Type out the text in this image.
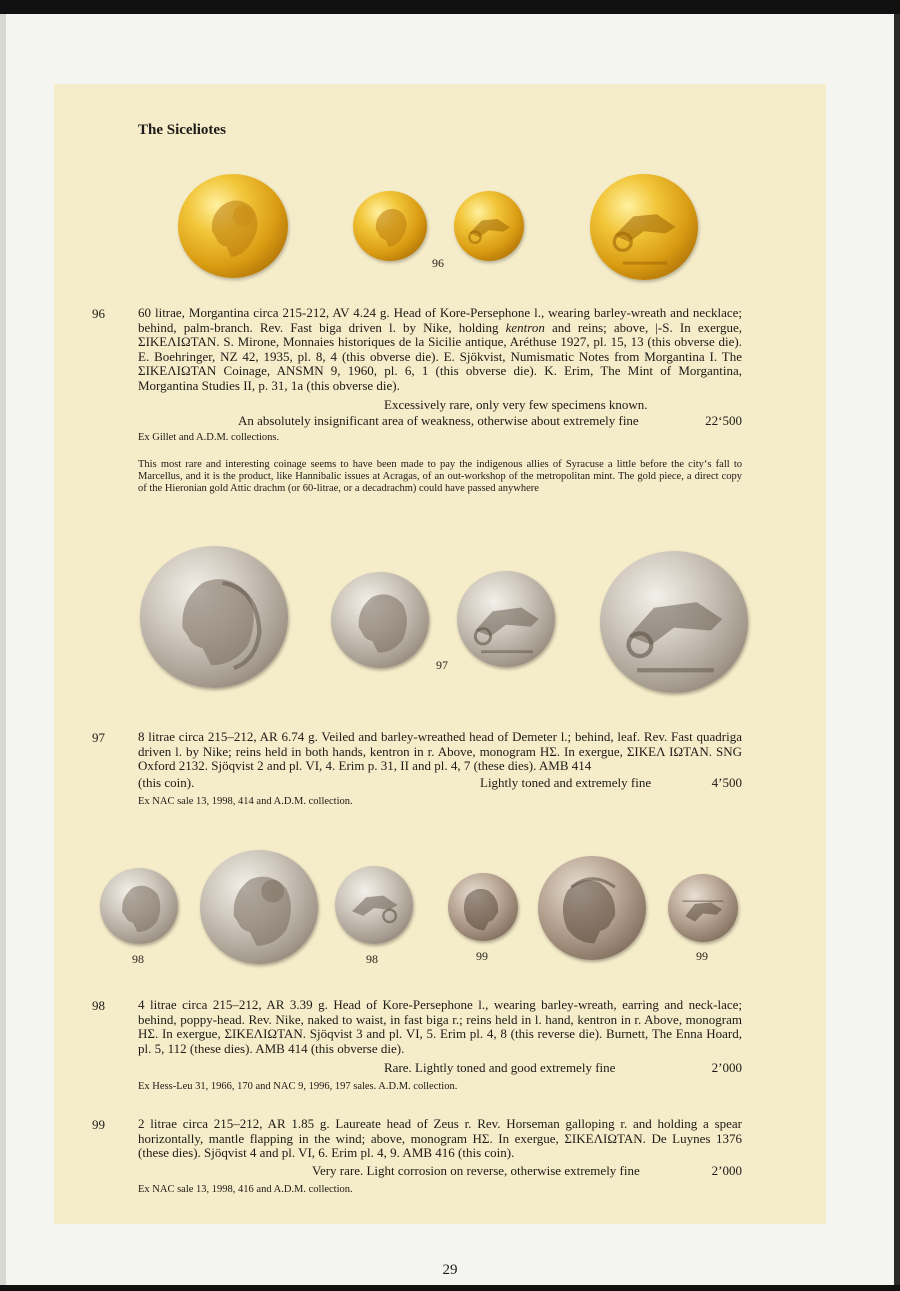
The Siceliotes
96
96	60 litrae, Morgantina circa 215-212, AV 4.24 g. Head of Kore-Persephone l., wearing barley-wreath and necklace; behind, palm-branch. Rev. Fast biga driven l. by Nike, holding kentron and reins; above, |-S. In exergue, ΣΙΚΕΛΙΩΤΑΝ. S. Mirone, Monnaies historiques de la Sicilie antique, Aréthuse 1927, pl. 15, 13 (this obverse die). E. Boehringer, NZ 42, 1935, pl. 8, 4 (this obverse die). E. Sjökvist, Numismatic Notes from Morgantina I. The ΣΙΚΕΛΙΩΤΑΝ Coinage, ANSMN 9, 1960, pl. 6, 1 (this obverse die). K. Erim, The Mint of Morgantina, Morgantina Studies II, p. 31, 1a (this obverse die).
Excessively rare, only very few specimens known.
An absolutely insignificant area of weakness, otherwise about extremely fine	22‘500
Ex Gillet and A.D.M. collections.
This most rare and interesting coinage seems to have been made to pay the indigenous allies of Syracuse a little before the city‘s fall to Marcellus, and it is the product, like Hannibalic issues at Acragas, of an out-workshop of the metropolitan mint. The gold piece, a direct copy of the Hieronian gold Attic drachm (or 60-litrae, or a decadrachm) could have passed anywhere
97
97	8 litrae circa 215–212, AR 6.74 g. Veiled and barley-wreathed head of Demeter l.; behind, leaf. Rev. Fast quadriga driven l. by Nike; reins held in both hands, kentron in r. Above, monogram HΣ. In exergue, ΣΙΚΕΛ ΙΩΤΑΝ. SNG Oxford 2132. Sjöqvist 2 and pl. VI, 4. Erim p. 31, II and pl. 4, 7 (these dies). AMB 414
(this coin).	Lightly toned and extremely fine	4’500
Ex NAC sale 13, 1998, 414 and A.D.M. collection.
98	98	99	99
98	4 litrae circa 215–212, AR 3.39 g. Head of Kore-Persephone l., wearing barley-wreath, earring and neck-lace; behind, poppy-head. Rev. Nike, naked to waist, in fast biga r.; reins held in l. hand, kentron in r. Above, monogram HΣ. In exergue, ΣΙΚΕΛΙΩΤΑΝ. Sjöqvist 3 and pl. VI, 5. Erim pl. 4, 8 (this reverse die). Burnett, The Enna Hoard, pl. 5, 112 (these dies). AMB 414 (this obverse die).
Rare. Lightly toned and good extremely fine	2’000
Ex Hess-Leu 31, 1966, 170 and NAC 9, 1996, 197 sales. A.D.M. collection.
99	2 litrae circa 215–212, AR 1.85 g. Laureate head of Zeus r. Rev. Horseman galloping r. and holding a spear horizontally, mantle flapping in the wind; above, monogram HΣ. In exergue, ΣΙΚΕΛΙΩΤΑΝ. De Luynes 1376 (these dies). Sjöqvist 4 and pl. VI, 6. Erim pl. 4, 9. AMB 416 (this coin).
Very rare. Light corrosion on reverse, otherwise extremely fine	2’000
Ex NAC sale 13, 1998, 416 and A.D.M. collection.
29
